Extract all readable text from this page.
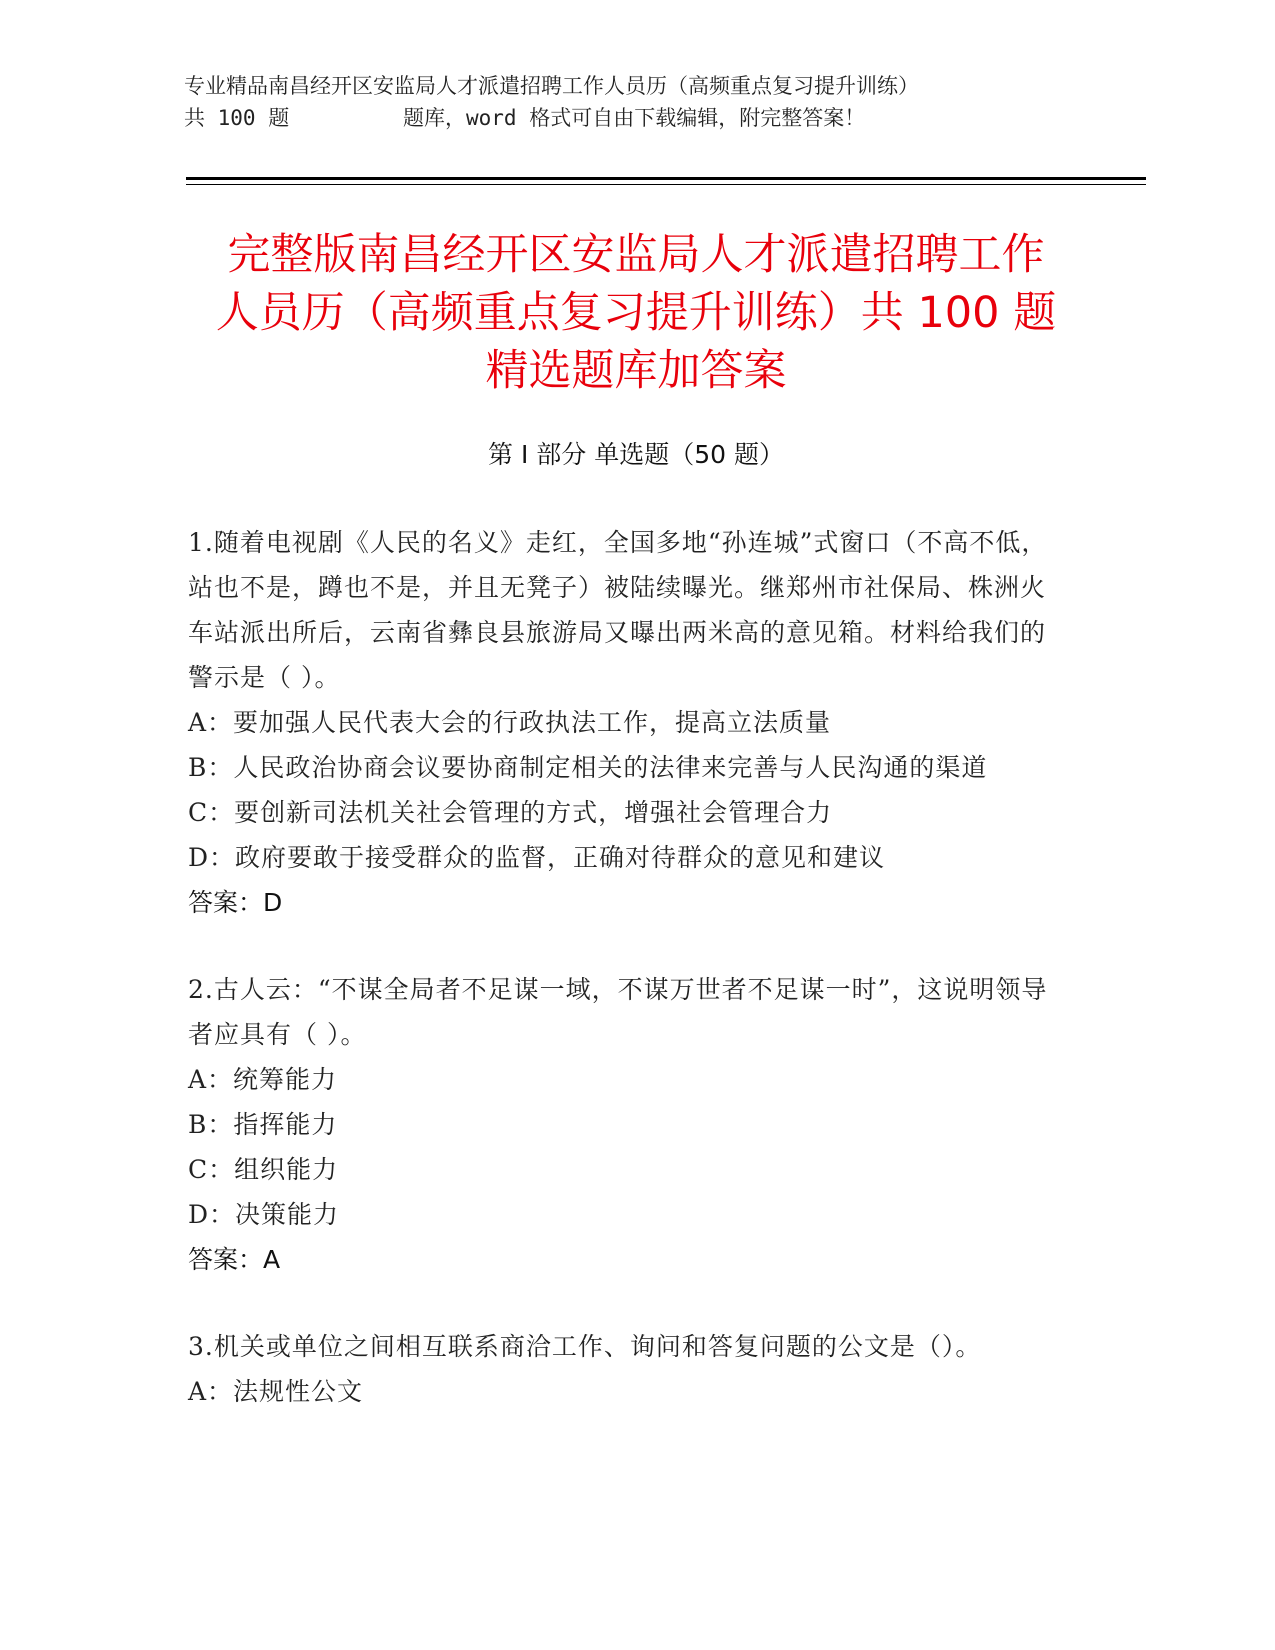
专业精品南昌经开区安监局人才派遣招聘工作人员历（高频重点复习提升训练）
共 100 题         题库，word 格式可自由下载编辑，附完整答案！
完整版南昌经开区安监局人才派遣招聘工作
人员历（高频重点复习提升训练）共 100 题
精选题库加答案
第 I 部分 单选题（50 题）
1.随着电视剧《人民的名义》走红，全国多地“孙连城”式窗口（不高不低，站也不是，蹲也不是，并且无凳子）被陆续曝光。继郑州市社保局、株洲火车站派出所后，云南省彝良县旅游局又曝出两米高的意见箱。材料给我们的警示是（ ）。
A：要加强人民代表大会的行政执法工作，提高立法质量
B：人民政治协商会议要协商制定相关的法律来完善与人民沟通的渠道
C：要创新司法机关社会管理的方式，增强社会管理合力
D：政府要敢于接受群众的监督，正确对待群众的意见和建议
答案：D
2.古人云：“不谋全局者不足谋一域，不谋万世者不足谋一时”，这说明领导者应具有（ ）。
A：统筹能力
B：指挥能力
C：组织能力
D：决策能力
答案：A
3.机关或单位之间相互联系商洽工作、询问和答复问题的公文是（）。
A：法规性公文
